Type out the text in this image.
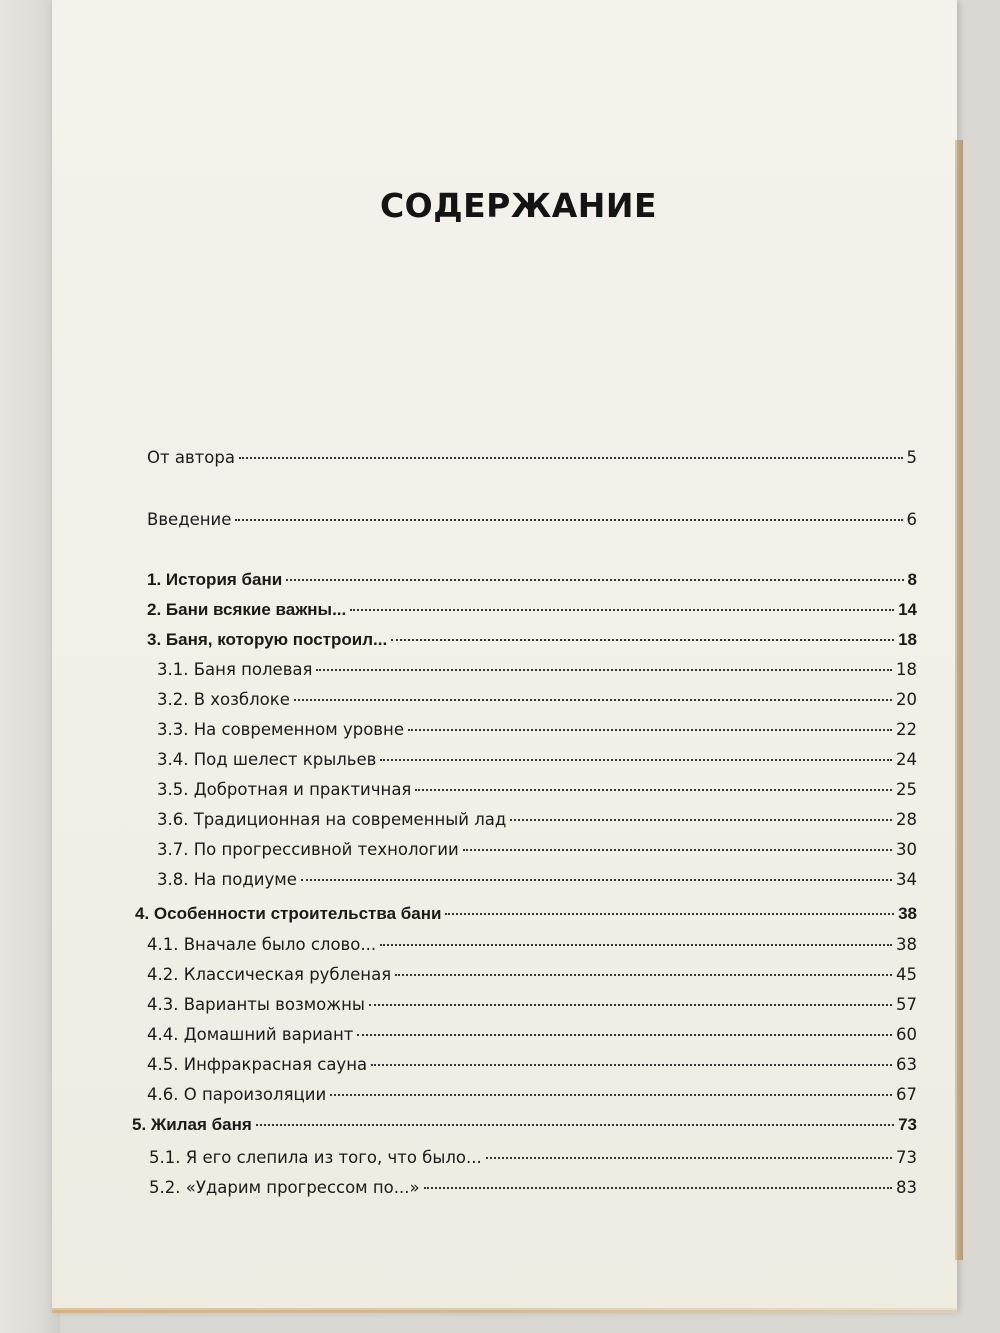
СОДЕРЖАНИЕ
От автора	5
Введение	6
1. История бани	8
2. Бани всякие важны...	14
3. Баня, которую построил...	18
3.1. Баня полевая	18
3.2. В хозблоке	20
3.3. На современном уровне	22
3.4. Под шелест крыльев	24
3.5. Добротная и практичная	25
3.6. Традиционная на современный лад	28
3.7. По прогрессивной технологии	30
3.8. На подиуме	34
4. Особенности строительства бани	38
4.1. Вначале было слово...	38
4.2. Классическая рубленая	45
4.3. Варианты возможны	57
4.4. Домашний вариант	60
4.5. Инфракрасная сауна	63
4.6. О пароизоляции	67
5. Жилая баня	73
5.1. Я его слепила из того, что было...	73
5.2. «Ударим прогрессом по...»	83
